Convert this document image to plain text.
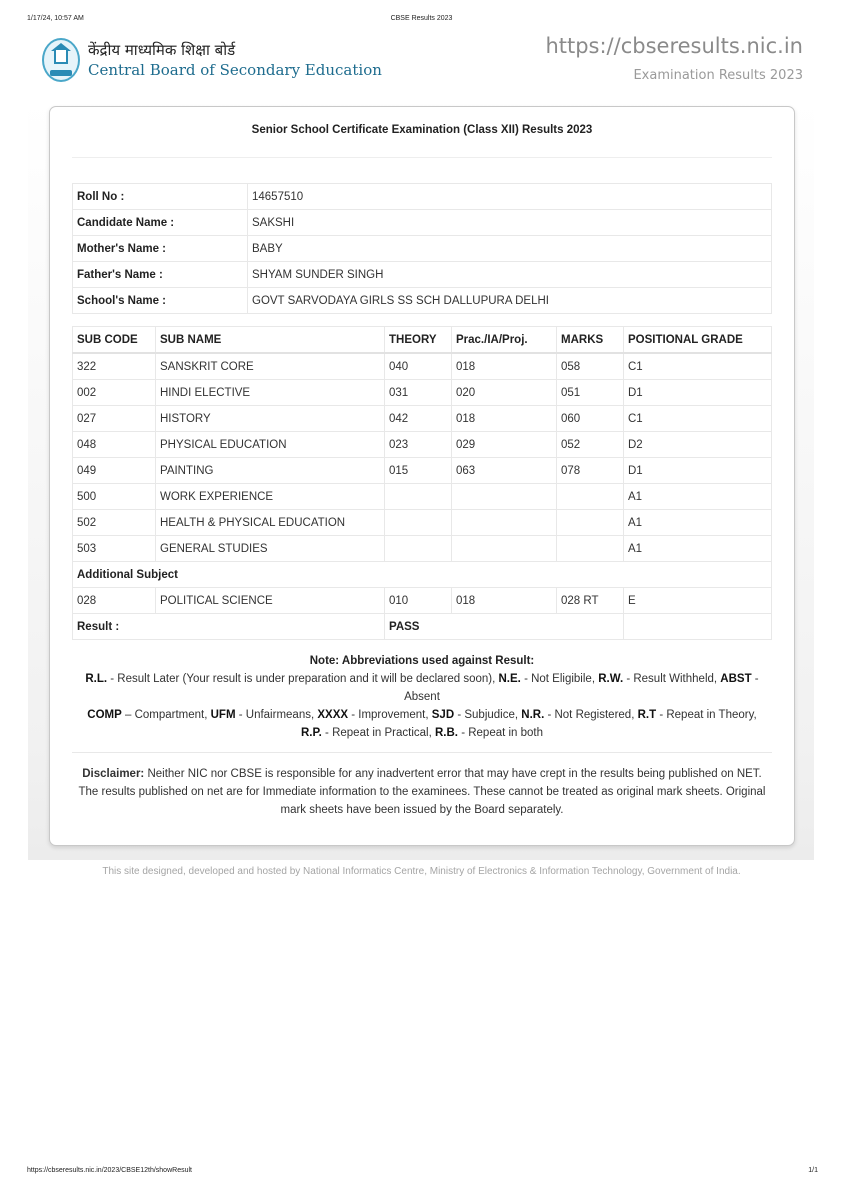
1/17/24, 10:57 AM	CBSE Results 2023
केंद्रीय माध्यमिक शिक्षा बोर्ड
Central Board of Secondary Education
https://cbseresults.nic.in
Examination Results 2023
Senior School Certificate Examination (Class XII) Results 2023
Roll No :	14657510
Candidate Name :	SAKSHI
Mother's Name :	BABY
Father's Name :	SHYAM SUNDER SINGH
School's Name :	GOVT SARVODAYA GIRLS SS SCH DALLUPURA DELHI
SUB CODE	SUB NAME	THEORY	Prac./IA/Proj.	MARKS	POSITIONAL GRADE
322	SANSKRIT CORE	040	018	058	C1
002	HINDI ELECTIVE	031	020	051	D1
027	HISTORY	042	018	060	C1
048	PHYSICAL EDUCATION	023	029	052	D2
049	PAINTING	015	063	078	D1
500	WORK EXPERIENCE				A1
502	HEALTH & PHYSICAL EDUCATION				A1
503	GENERAL STUDIES				A1
Additional Subject					
028	POLITICAL SCIENCE	010	018	028 RT	E
Result :		PASS			
Note: Abbreviations used against Result:
R.L. - Result Later (Your result is under preparation and it will be declared soon), N.E. - Not Eligibile, R.W. - Result Withheld, ABST - Absent
COMP – Compartment, UFM - Unfairmeans, XXXX - Improvement, SJD - Subjudice, N.R. - Not Registered, R.T - Repeat in Theory, R.P. - Repeat in Practical, R.B. - Repeat in both
Disclaimer: Neither NIC nor CBSE is responsible for any inadvertent error that may have crept in the results being published on NET. The results published on net are for Immediate information to the examinees. These cannot be treated as original mark sheets. Original mark sheets have been issued by the Board separately.
This site designed, developed and hosted by National Informatics Centre, Ministry of Electronics & Information Technology, Government of India.
https://cbseresults.nic.in/2023/CBSE12th/showResult	1/1
